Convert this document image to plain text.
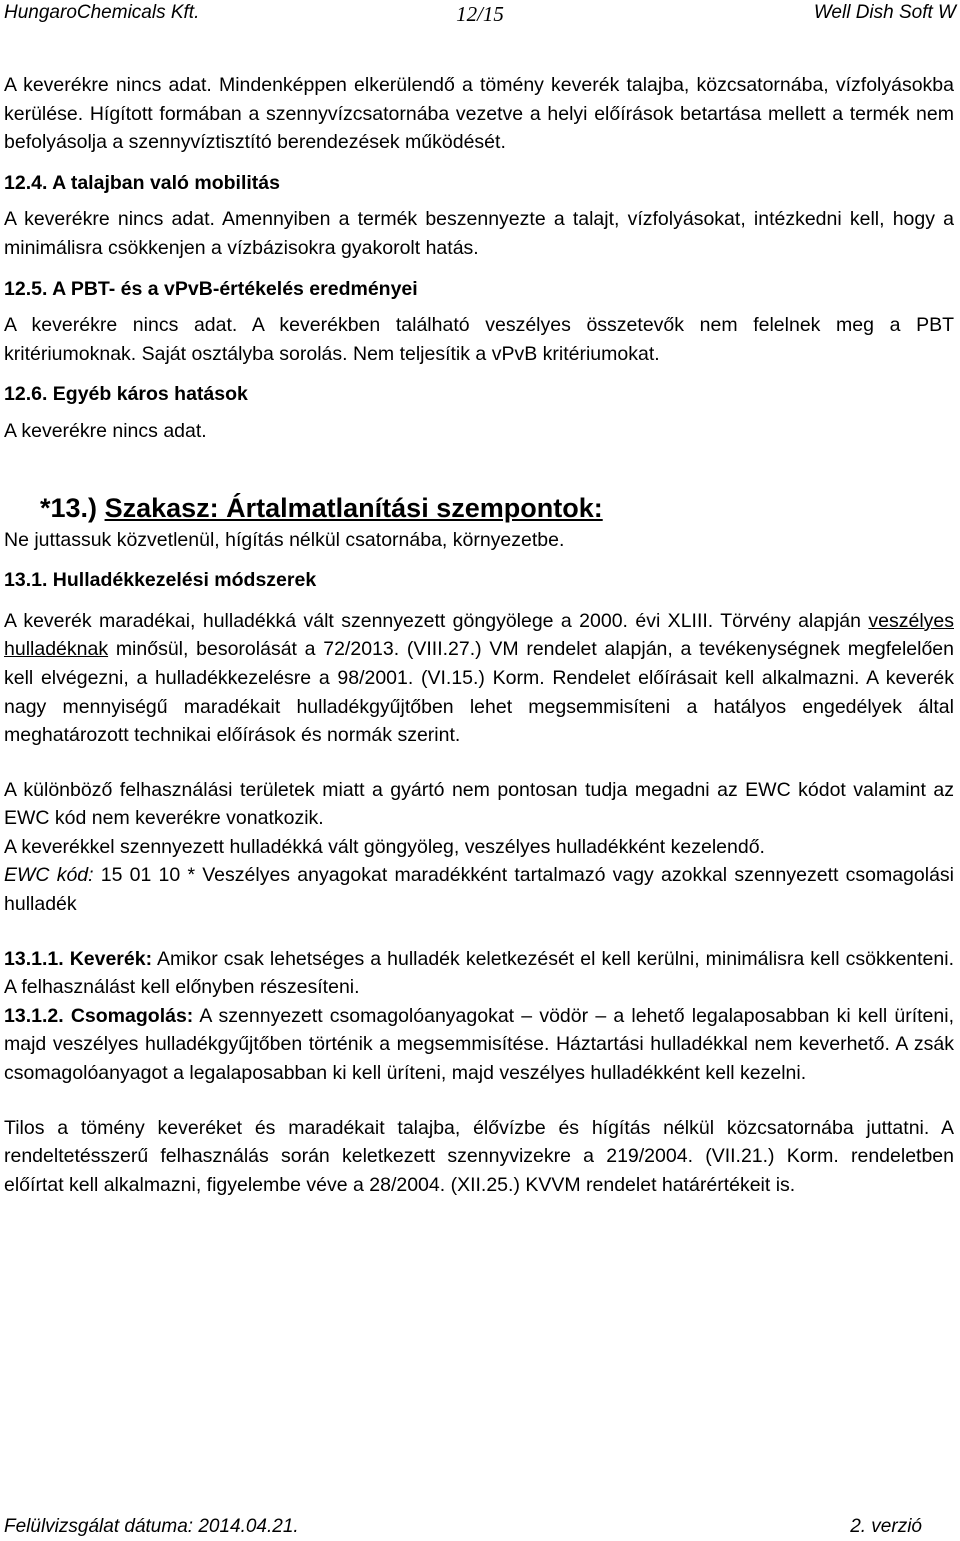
HungaroChemicals Kft.	12/15	Well Dish Soft W

A keverékre nincs adat. Mindenképpen elkerülendő a tömény keverék talajba, közcsatornába, vízfolyásokba kerülése. Hígított formában a szennyvízcsatornába vezetve a helyi előírások betartása mellett a termék nem befolyásolja a szennyvíztisztító berendezések működését.

12.4. A talajban való mobilitás

A keverékre nincs adat. Amennyiben a termék beszennyezte a talajt, vízfolyásokat, intézkedni kell, hogy a minimálisra csökkenjen a vízbázisokra gyakorolt hatás.

12.5. A PBT- és a vPvB-értékelés eredményei

A keverékre nincs adat. A keverékben található veszélyes összetevők nem felelnek meg a PBT kritériumoknak. Saját osztályba sorolás. Nem teljesítik a vPvB kritériumokat.

12.6. Egyéb káros hatások

A keverékre nincs adat.

*13.) Szakasz: Ártalmatlanítási szempontok:

Ne juttassuk közvetlenül, hígítás nélkül csatornába, környezetbe.

13.1. Hulladékkezelési módszerek

A keverék maradékai, hulladékká vált szennyezett göngyölege a 2000. évi XLIII. Törvény alapján veszélyes hulladéknak minősül, besorolását a 72/2013. (VIII.27.) VM rendelet alapján, a tevékenységnek megfelelően kell elvégezni, a hulladékkezelésre a 98/2001. (VI.15.) Korm. Rendelet előírásait kell alkalmazni. A keverék nagy mennyiségű maradékait hulladékgyűjtőben lehet megsemmisíteni a hatályos engedélyek által meghatározott technikai előírások és normák szerint.

A különböző felhasználási területek miatt a gyártó nem pontosan tudja megadni az EWC kódot valamint az EWC kód nem keverékre vonatkozik.

A keverékkel szennyezett hulladékká vált göngyöleg, veszélyes hulladékként kezelendő.

EWC kód: 15 01 10 * Veszélyes anyagokat maradékként tartalmazó vagy azokkal szennyezett csomagolási hulladék

13.1.1. Keverék: Amikor csak lehetséges a hulladék keletkezését el kell kerülni, minimálisra kell csökkenteni. A felhasználást kell előnyben részesíteni.

13.1.2. Csomagolás: A szennyezett csomagolóanyagokat – vödör – a lehető legalaposabban ki kell üríteni, majd veszélyes hulladékgyűjtőben történik a megsemmisítése. Háztartási hulladékkal nem keverhető. A zsák csomagolóanyagot a legalaposabban ki kell üríteni, majd veszélyes hulladékként kell kezelni.

Tilos a tömény keveréket és maradékait talajba, élővízbe és hígítás nélkül közcsatornába juttatni. A rendeltetésszerű felhasználás során keletkezett szennyvizekre a 219/2004. (VII.21.) Korm. rendeletben előírtat kell alkalmazni, figyelembe véve a 28/2004. (XII.25.) KVVM rendelet határértékeit is.

Felülvizsgálat dátuma: 2014.04.21.	2. verzió
